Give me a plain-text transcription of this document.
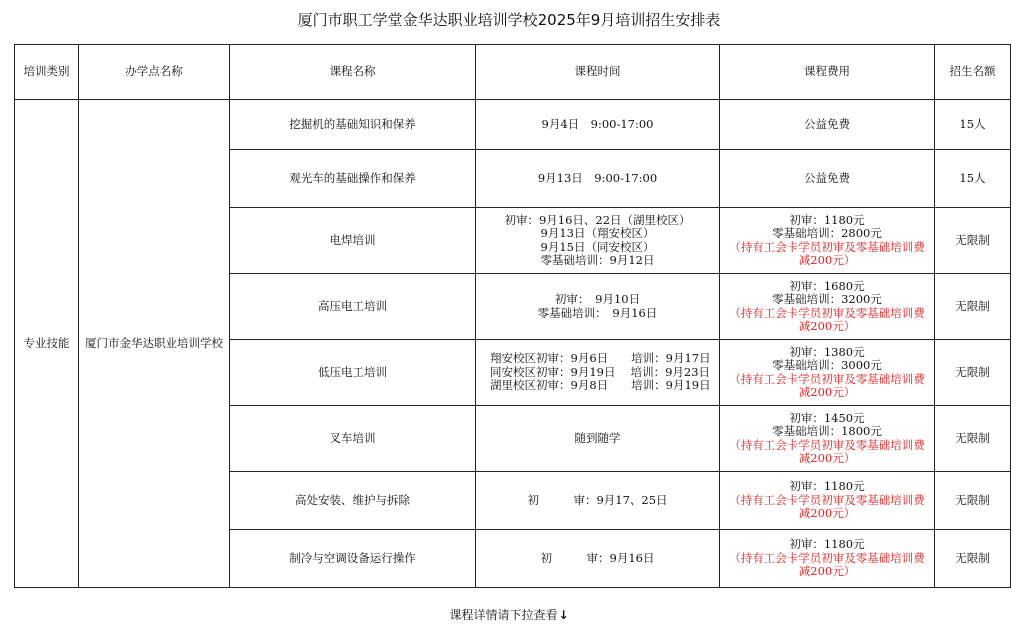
厦门市职工学堂金华达职业培训学校2025年9月培训招生安排表
培训类别	办学点名称	课程名称	课程时间	课程费用	招生名额
专业技能	厦门市金华达职业培训学校	挖掘机的基础知识和保养	9月4日　9:00-17:00	公益免费	15人
		观光车的基础操作和保养	9月13日　9:00-17:00	公益免费	15人
		电焊培训	初审：9月16日、22日（湖里校区）
9月13日（翔安校区）
9月15日（同安校区）
零基础培训：9月12日	初审：1180元
零基础培训：2800元
（持有工会卡学员初审及零基础培训费减200元）	无限制
		高压电工培训	初审：　9月10日
零基础培训：　9月16日	初审：1680元
零基础培训：3200元
（持有工会卡学员初审及零基础培训费减200元）	无限制
		低压电工培训	翔安校区初审：9月6日　　培训：9月17日
同安校区初审：9月19日　 培训：9月23日
湖里校区初审：9月8日　　培训：9月19日	初审：1380元
零基础培训：3000元
（持有工会卡学员初审及零基础培训费减200元）	无限制
		叉车培训	随到随学	初审：1450元
零基础培训：1800元
（持有工会卡学员初审及零基础培训费减200元）	无限制
		高处安装、维护与拆除	初　　　审：9月17、25日	初审：1180元
（持有工会卡学员初审及零基础培训费减200元）	无限制
		制冷与空调设备运行操作	初　　　审：9月16日	初审：1180元
（持有工会卡学员初审及零基础培训费减200元）	无限制
课程详情请下拉查看↓
